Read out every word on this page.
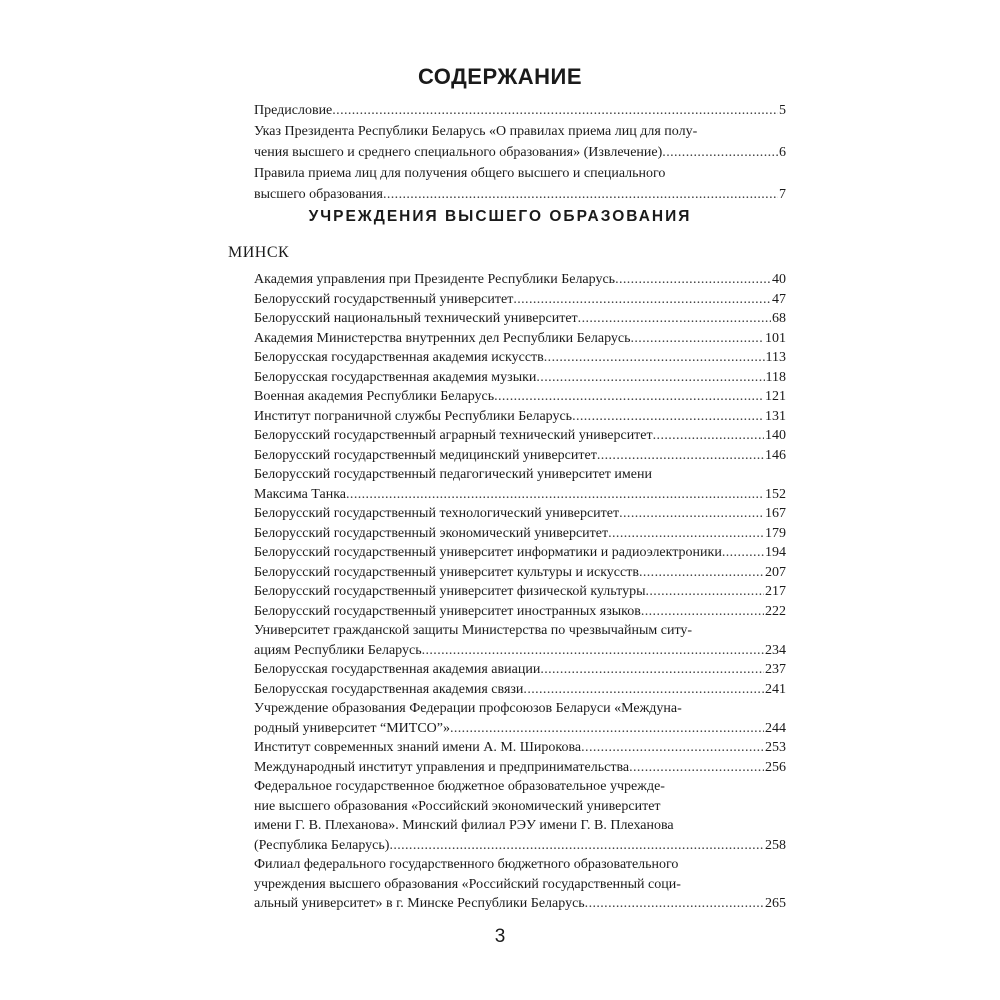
СОДЕРЖАНИЕ
Предисловие .....	5
Указ Президента Республики Беларусь «О правилах приема лиц для полу-
чения высшего и среднего специального образования» (Извлечение) .....	6
Правила приема лиц для получения общего высшего и специального
высшего образования .....	7
УЧРЕЖДЕНИЯ ВЫСШЕГО ОБРАЗОВАНИЯ
МИНСК
Академия управления при Президенте Республики Беларусь .....	40
Белорусский государственный университет .....	47
Белорусский национальный технический университет .....	68
Академия Министерства внутренних дел Республики Беларусь .....	101
Белорусская государственная академия искусств .....	113
Белорусская государственная академия музыки .....	118
Военная академия Республики Беларусь .....	121
Институт пограничной службы Республики Беларусь .....	131
Белорусский государственный аграрный технический университет .....	140
Белорусский государственный медицинский университет .....	146
Белорусский государственный педагогический университет имени
Максима Танка .....	152
Белорусский государственный технологический университет .....	167
Белорусский государственный экономический университет .....	179
Белорусский государственный университет информатики и радиоэлектроники .....	194
Белорусский государственный университет культуры и искусств .....	207
Белорусский государственный университет физической культуры .....	217
Белорусский государственный университет иностранных языков .....	222
Университет гражданской защиты Министерства по чрезвычайным ситу-
ациям Республики Беларусь .....	234
Белорусская государственная академия авиации .....	237
Белорусская государственная академия связи .....	241
Учреждение образования Федерации профсоюзов Беларуси «Междуна-
родный университет “МИТСО”» .....	244
Институт современных знаний имени А. М. Широкова .....	253
Международный институт управления и предпринимательства .....	256
Федеральное государственное бюджетное образовательное учрежде-
ние высшего образования «Российский экономический университет
имени Г. В. Плеханова». Минский филиал РЭУ имени Г. В. Плеханова
(Республика Беларусь) .....	258
Филиал федерального государственного бюджетного образовательного
учреждения высшего образования «Российский государственный соци-
альный университет» в г. Минске Республики Беларусь .....	265
3
